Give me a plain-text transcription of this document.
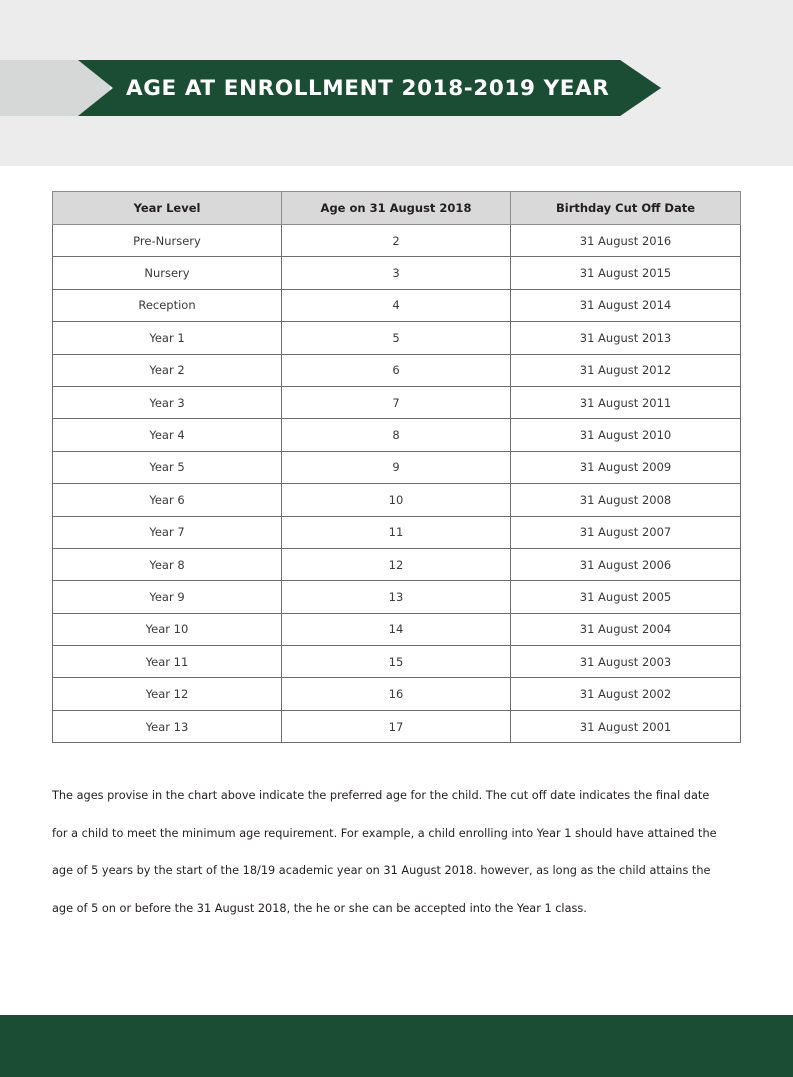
AGE AT ENROLLMENT 2018-2019 YEAR
Year Level	Age on 31 August 2018	Birthday Cut Off Date
Pre-Nursery	2	31 August 2016
Nursery	3	31 August 2015
Reception	4	31 August 2014
Year 1	5	31 August 2013
Year 2	6	31 August 2012
Year 3	7	31 August 2011
Year 4	8	31 August 2010
Year 5	9	31 August 2009
Year 6	10	31 August 2008
Year 7	11	31 August 2007
Year 8	12	31 August 2006
Year 9	13	31 August 2005
Year 10	14	31 August 2004
Year 11	15	31 August 2003
Year 12	16	31 August 2002
Year 13	17	31 August 2001

The ages provise in the chart above indicate the preferred age for the child. The cut off date indicates the final date

for a child to meet the minimum age requirement. For example, a child enrolling into Year 1 should have attained the

age of 5 years by the start of the 18/19 academic year on 31 August 2018. however, as long as the child attains the

age of 5 on or before the 31 August 2018, the he or she can be accepted into the Year 1 class.
